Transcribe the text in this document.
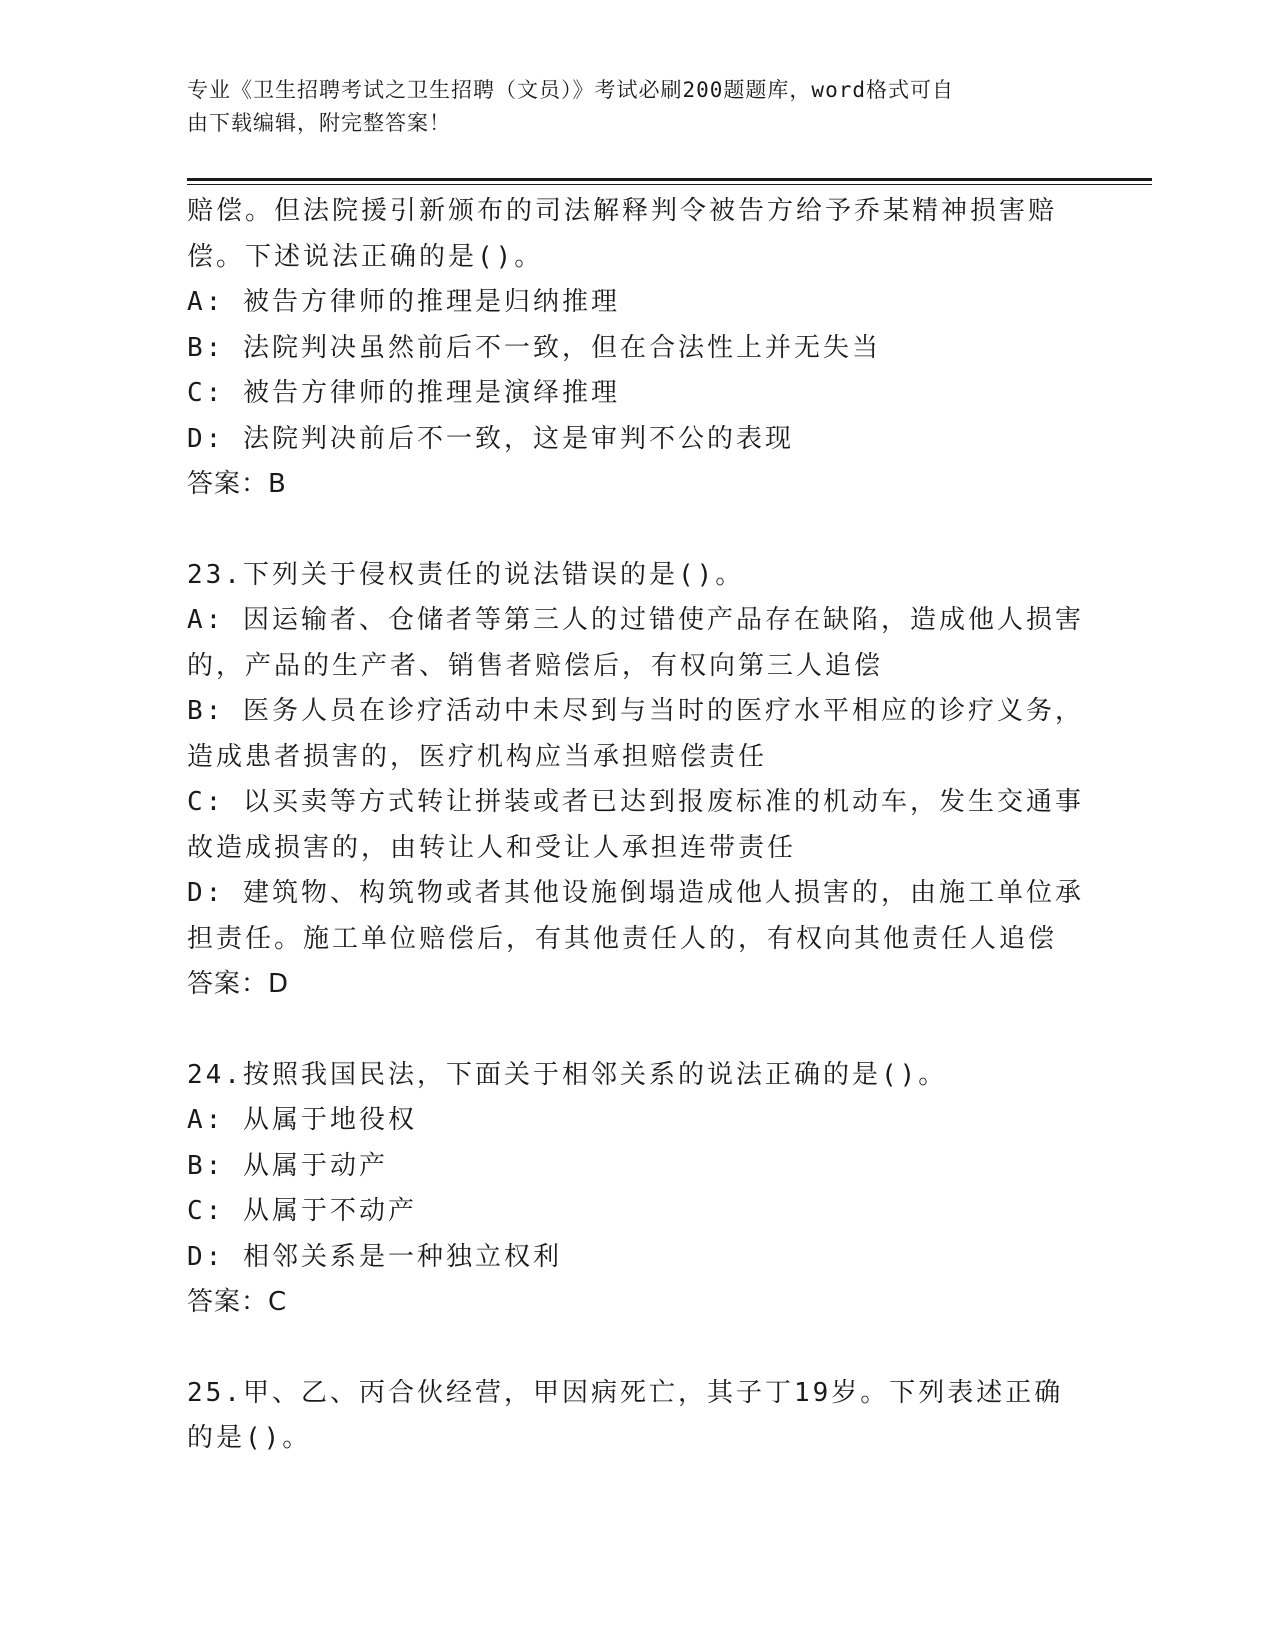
专业《卫生招聘考试之卫生招聘（文员）》考试必刷200题题库，word格式可自
由下载编辑，附完整答案！
赔偿。但法院援引新颁布的司法解释判令被告方给予乔某精神损害赔
偿。下述说法正确的是()。
A: 被告方律师的推理是归纳推理
B: 法院判决虽然前后不一致，但在合法性上并无失当
C: 被告方律师的推理是演绎推理
D: 法院判决前后不一致，这是审判不公的表现
答案：B
23.下列关于侵权责任的说法错误的是()。
A: 因运输者、仓储者等第三人的过错使产品存在缺陷，造成他人损害
的，产品的生产者、销售者赔偿后，有权向第三人追偿
B: 医务人员在诊疗活动中未尽到与当时的医疗水平相应的诊疗义务，
造成患者损害的，医疗机构应当承担赔偿责任
C: 以买卖等方式转让拼装或者已达到报废标准的机动车，发生交通事
故造成损害的，由转让人和受让人承担连带责任
D: 建筑物、构筑物或者其他设施倒塌造成他人损害的，由施工单位承
担责任。施工单位赔偿后，有其他责任人的，有权向其他责任人追偿
答案：D
24.按照我国民法，下面关于相邻关系的说法正确的是()。
A: 从属于地役权
B: 从属于动产
C: 从属于不动产
D: 相邻关系是一种独立权利
答案：C
25.甲、乙、丙合伙经营，甲因病死亡，其子丁19岁。下列表述正确
的是()。
